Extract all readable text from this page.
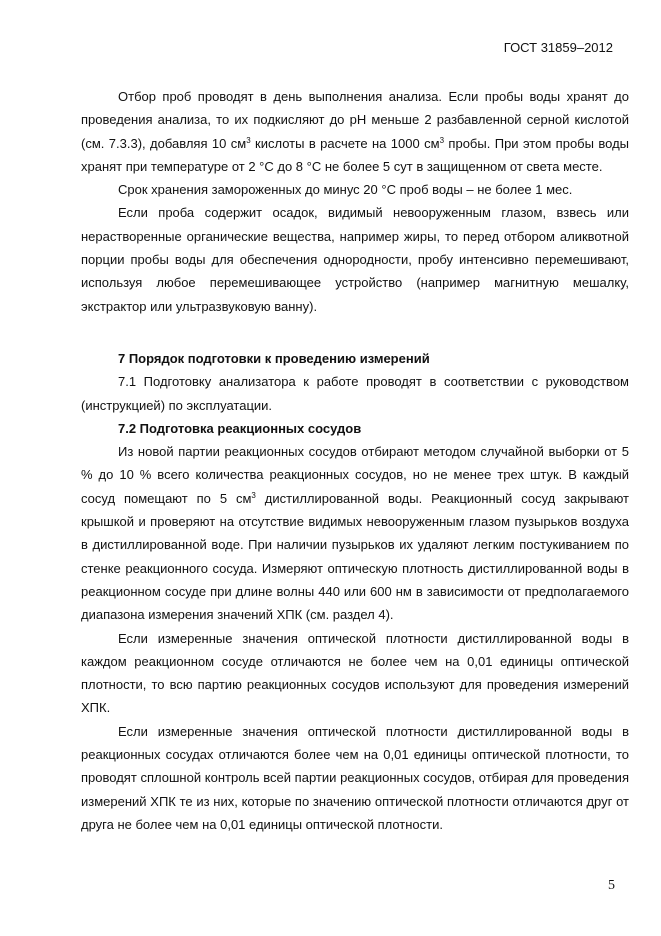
ГОСТ 31859–2012

Отбор проб проводят в день выполнения анализа. Если пробы воды хранят до проведения анализа, то их подкисляют до pH меньше 2 разбавленной серной кислотой (см. 7.3.3), добавляя 10 $см^3$ кислоты в расчете на 1000 $см^3$ пробы. При этом пробы воды хранят при температуре от 2 °С до 8 °С не более 5 сут в защищенном от света месте.

Срок хранения замороженных до минус 20 °С проб воды – не более 1 мес.

Если проба содержит осадок, видимый невооруженным глазом, взвесь или нерастворенные органические вещества, например жиры, то перед отбором аликвотной порции пробы воды для обеспечения однородности, пробу интенсивно перемешивают, используя любое перемешивающее устройство (например магнитную мешалку, экстрактор или ультразвуковую ванну).

7 Порядок подготовки к проведению измерений

7.1 Подготовку анализатора к работе проводят в соответствии с руководством (инструкцией) по эксплуатации.

7.2 Подготовка реакционных сосудов

Из новой партии реакционных сосудов отбирают методом случайной выборки от 5 % до 10 % всего количества реакционных сосудов, но не менее трех штук. В каждый сосуд помещают по 5 $см^3$ дистиллированной воды. Реакционный сосуд закрывают крышкой и проверяют на отсутствие видимых невооруженным глазом пузырьков воздуха в дистиллированной воде. При наличии пузырьков их удаляют легким постукиванием по стенке реакционного сосуда. Измеряют оптическую плотность дистиллированной воды в реакционном сосуде при длине волны 440 или 600 нм в зависимости от предполагаемого диапазона измерения значений ХПК (см. раздел 4).

Если измеренные значения оптической плотности дистиллированной воды в каждом реакционном сосуде отличаются не более чем на 0,01 единицы оптической плотности, то всю партию реакционных сосудов используют для проведения измерений ХПК.

Если измеренные значения оптической плотности дистиллированной воды в реакционных сосудах отличаются более чем на 0,01 единицы оптической плотности, то проводят сплошной контроль всей партии реакционных сосудов, отбирая для проведения измерений ХПК те из них, которые по значению оптической плотности отличаются друг от друга не более чем на 0,01 единицы оптической плотности.

5
